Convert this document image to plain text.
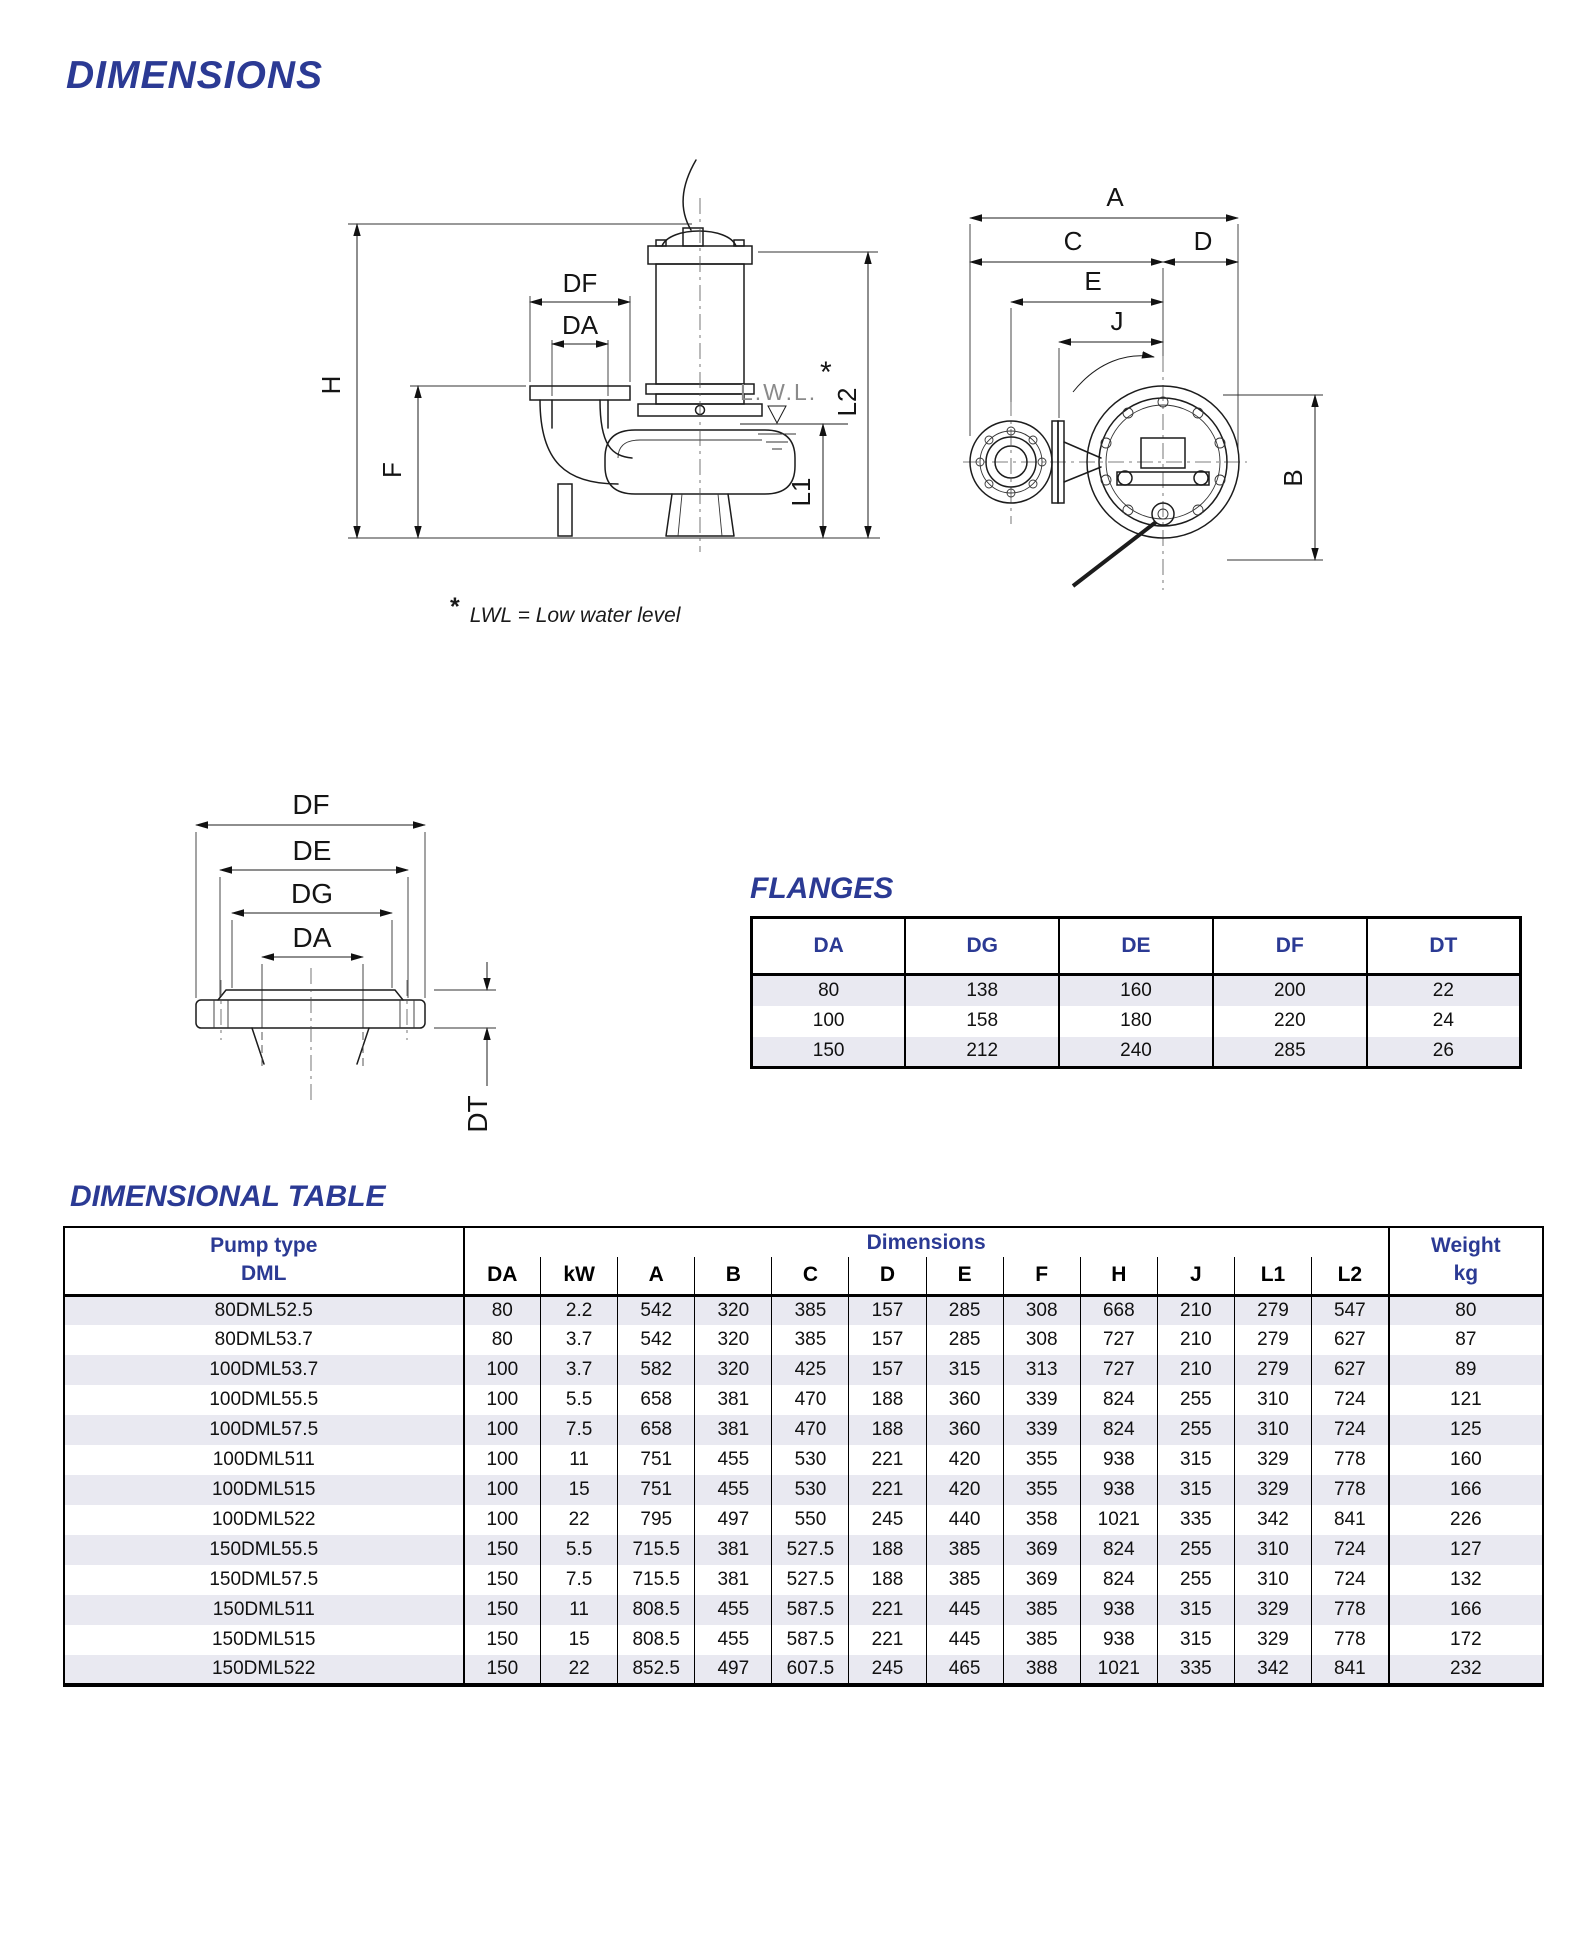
DIMENSIONS
H
F
DF
DA
L.W.L.
*
L1
L2
A
C	D
E
J
B
* LWL = Low water level
DF
DE
DG
DA
DT
FLANGES
DA	DG	DE	DF	DT
80	138	160	200	22
100	158	180	220	24
150	212	240	285	26
DIMENSIONAL TABLE
Pump type
DML	Dimensions												Weight
kg

	DA	kW	A	B	C	D	E	F	H	J	L1	L2	
80DML52.5	80	2.2	542	320	385	157	285	308	668	210	279	547	80
80DML53.7	80	3.7	542	320	385	157	285	308	727	210	279	627	87
100DML53.7	100	3.7	582	320	425	157	315	313	727	210	279	627	89
100DML55.5	100	5.5	658	381	470	188	360	339	824	255	310	724	121
100DML57.5	100	7.5	658	381	470	188	360	339	824	255	310	724	125
100DML511	100	11	751	455	530	221	420	355	938	315	329	778	160
100DML515	100	15	751	455	530	221	420	355	938	315	329	778	166
100DML522	100	22	795	497	550	245	440	358	1021	335	342	841	226
150DML55.5	150	5.5	715.5	381	527.5	188	385	369	824	255	310	724	127
150DML57.5	150	7.5	715.5	381	527.5	188	385	369	824	255	310	724	132
150DML511	150	11	808.5	455	587.5	221	445	385	938	315	329	778	166
150DML515	150	15	808.5	455	587.5	221	445	385	938	315	329	778	172
150DML522	150	22	852.5	497	607.5	245	465	388	1021	335	342	841	232
